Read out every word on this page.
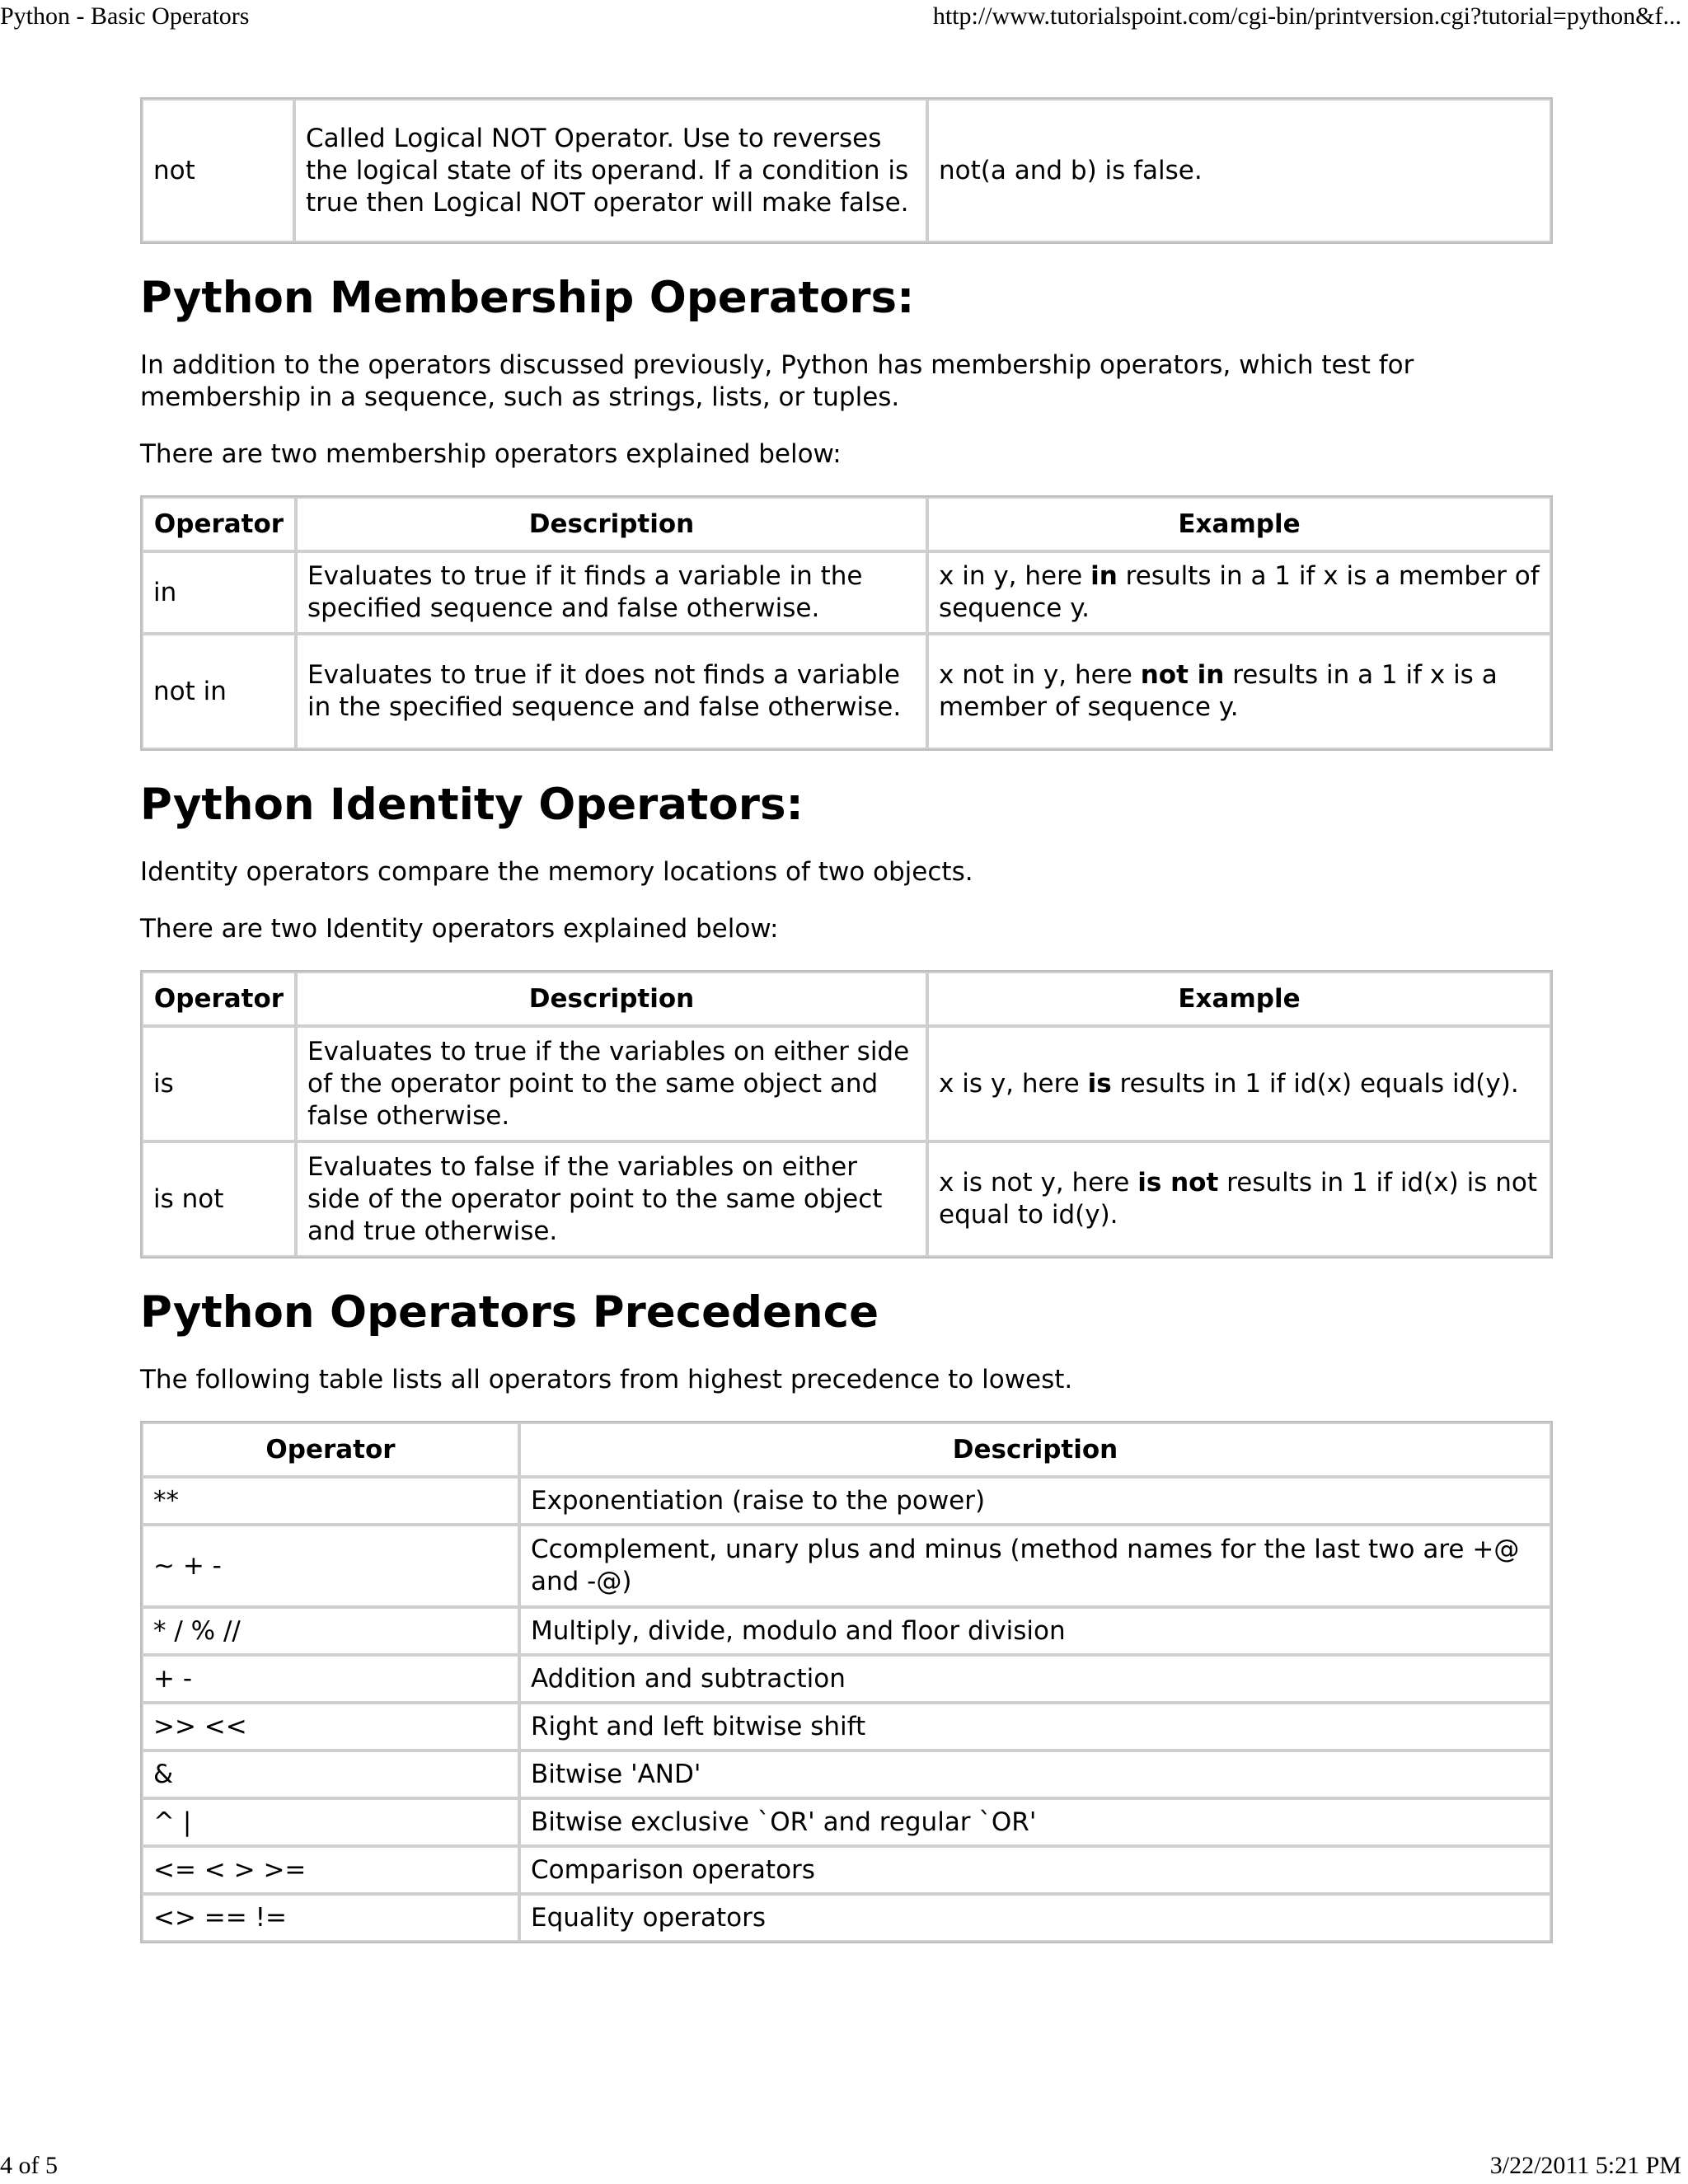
Python - Basic Operators	http://www.tutorialspoint.com/cgi-bin/printversion.cgi?tutorial=python&f...
not	Called Logical NOT Operator. Use to reverses the logical state of its operand. If a condition is true then Logical NOT operator will make false.	not(a and b) is false.
Python Membership Operators:

In addition to the operators discussed previously, Python has membership operators, which test for membership in a sequence, such as strings, lists, or tuples.

There are two membership operators explained below:

Operator	Description	Example
in	Evaluates to true if it finds a variable in the specified sequence and false otherwise.	x in y, here in results in a 1 if x is a member of sequence y.
not in	Evaluates to true if it does not finds a variable in the specified sequence and false otherwise.	x not in y, here not in results in a 1 if x is a member of sequence y.
Python Identity Operators:

Identity operators compare the memory locations of two objects.

There are two Identity operators explained below:

Operator	Description	Example
is	Evaluates to true if the variables on either side of the operator point to the same object and false otherwise.	x is y, here is results in 1 if id(x) equals id(y).
is not	Evaluates to false if the variables on either side of the operator point to the same object and true otherwise.	x is not y, here is not results in 1 if id(x) is not equal to id(y).
Python Operators Precedence

The following table lists all operators from highest precedence to lowest.

Operator	Description
**	Exponentiation (raise to the power)
~ + -	Ccomplement, unary plus and minus (method names for the last two are +@ and -@)
* / % //	Multiply, divide, modulo and floor division
+ -	Addition and subtraction
>> <<	Right and left bitwise shift
&	Bitwise 'AND'
^ |	Bitwise exclusive `OR' and regular `OR'
<= < > >=	Comparison operators
<> == !=	Equality operators
4 of 5	3/22/2011 5:21 PM
